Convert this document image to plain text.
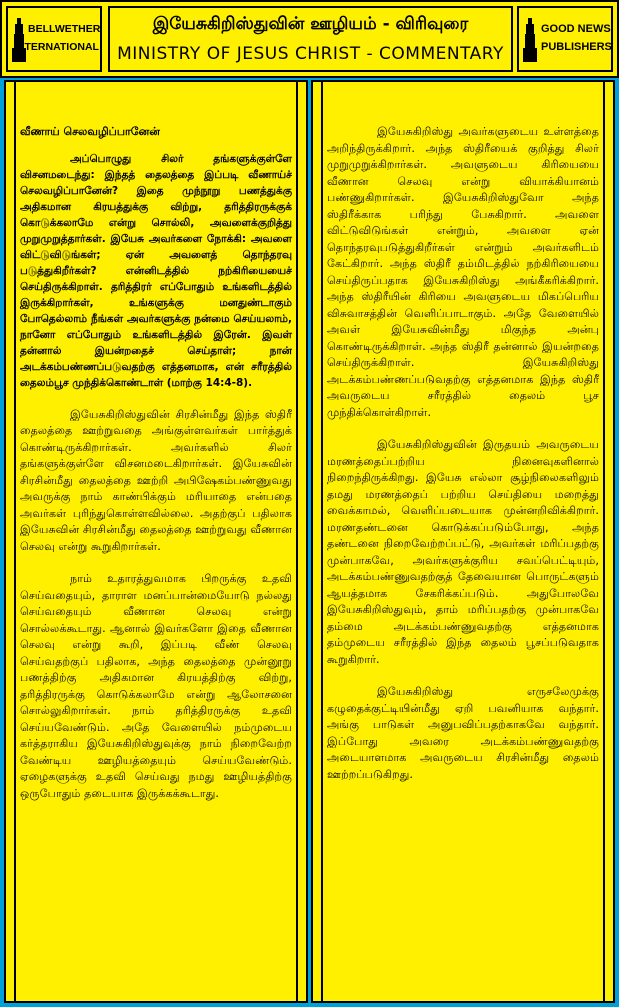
BELLWETHER
INTERNATIONAL
இயேசுகிறிஸ்துவின் ஊழியம் - விரிவுரை
MINISTRY OF JESUS CHRIST - COMMENTARY
GOOD NEWS
PUBLISHERS
வீணாய் செலவழிப்பானேன்
அப்பொழுது சிலர் தங்களுக்குள்ளே விசனமடைந்து: இந்தத் தைலத்தை இப்படி வீணாய்ச் செலவழிப்பானேன்? இதை முந்நூறு பணத்துக்கு அதிகமான கிரயத்துக்கு விற்று, தரித்திரருக்குக் கொடுக்கலாமே என்று சொல்லி, அவளைக்குறித்து முறுமுறுத்தார்கள். இயேசு அவர்களை நோக்கி: அவளை விட்டுவிடுங்கள்; ஏன் அவளைத் தொந்தரவு படுத்துகிறீர்கள்? என்னிடத்தில் நற்கிரியையைச் செய்திருக்கிறாள். தரித்திரர் எப்போதும் உங்களிடத்தில் இருக்கிறார்கள், உங்களுக்கு மனதுண்டாகும் போதெல்லாம் நீங்கள் அவர்களுக்கு நன்மை செய்யலாம், நானோ எப்போதும் உங்களிடத்தில் இரேன். இவள் தன்னால் இயன்றதைச் செய்தாள்; நான் அடக்கம்பண்ணப்படுவதற்கு எத்தனமாக, என் சரீரத்தில் தைலம்பூச முந்திக்கொண்டாள் (மாற்கு 14:4-8).
இயேசுகிறிஸ்துவின் சிரசின்மீது இந்த ஸ்திரீ தைலத்தை ஊற்றுவதை அங்குள்ளவர்கள் பார்த்துக் கொண்டிருக்கிறார்கள். அவர்களில் சிலர் தங்களுக்குள்ளே விசனமடைகிறார்கள். இயேசுவின் சிரசின்மீது தைலத்தை ஊற்றி அபிஷேகம்பண்ணுவது அவருக்கு நாம் காண்பிக்கும் மரியாதை என்பதை அவர்கள் புரிந்துகொள்ளவில்லை. அதற்குப் பதிலாக இயேசுவின் சிரசின்மீது தைலத்தை ஊற்றுவது வீணான செலவு என்று கூறுகிறார்கள்.
நாம் உதாரத்துவமாக பிறருக்கு உதவி செய்வதையும், தாராள மனப்பான்மையோடு நல்லது செய்வதையும் வீணான செலவு என்று சொல்லக்கூடாது. ஆனால் இவர்களோ இதை வீணான செலவு என்று கூறி, இப்படி வீண் செலவு செய்வதற்குப் பதிலாக, அந்த தைலத்தை முன்னூறு பணத்திற்கு அதிகமான கிரயத்திற்கு விற்று, தரித்திரருக்கு கொடுக்கலாமே என்று ஆலோசனை சொல்லுகிறார்கள். நாம் தரித்திரருக்கு உதவி செய்யவேண்டும். அதே வேளையில் நம்முடைய கர்த்தராகிய இயேசுகிறிஸ்துவுக்கு நாம் நிறைவேற்ற வேண்டிய ஊழியத்தையும் செய்யவேண்டும். ஏழைகளுக்கு உதவி செய்வது நமது ஊழியத்திற்கு ஒருபோதும் தடையாக இருக்கக்கூடாது.
இயேசுகிறிஸ்து அவர்களுடைய உள்ளத்தை அறிந்திருக்கிறார். அந்த ஸ்திரீயைக் குறித்து சிலர் முறுமுறுக்கிறார்கள். அவளுடைய கிரியையை வீணான செலவு என்று வியாக்கியானம் பண்ணுகிறார்கள். இயேசுகிறிஸ்துவோ அந்த ஸ்திரீக்காக பரிந்து பேசுகிறார். அவளை விட்டுவிடுங்கள் என்றும், அவளை ஏன் தொந்தரவுபடுத்துகிறீர்கள் என்றும் அவர்களிடம் கேட்கிறார். அந்த ஸ்திரீ தம்மிடத்தில் நற்கிரியையை செய்திருப்பதாக இயேசுகிறிஸ்து அங்கீகரிக்கிறார். அந்த ஸ்திரீயின் கிரியை அவளுடைய மிகப்பெரிய விசுவாசத்தின் வெளிப்பாடாகும். அதே வேளையில் அவள் இயேசுவின்மீது மிகுந்த அன்பு கொண்டிருக்கிறாள். அந்த ஸ்திரீ தன்னால் இயன்றதை செய்திருக்கிறாள். இயேசுகிறிஸ்து அடக்கம்பண்ணப்படுவதற்கு எத்தனமாக இந்த ஸ்திரீ அவருடைய சரீரத்தில் தைலம் பூச முந்திக்கொள்கிறாள்.
இயேசுகிறிஸ்துவின் இருதயம் அவருடைய மரணத்தைப்பற்றிய நினைவுகளினால் நிறைந்திருக்கிறது. இயேசு எல்லா சூழ்நிலைகளிலும் தமது மரணத்தைப் பற்றிய செய்தியை மறைத்து வைக்காமல், வெளிப்படையாக முன்னறிவிக்கிறார். மரணதண்டனை கொடுக்கப்படும்போது, அந்த தண்டனை நிறைவேற்றப்பட்டு, அவர்கள் மரிப்பதற்கு முன்பாகவே, அவர்களுக்குரிய சவப்பெட்டியும், அடக்கம்பண்ணுவதற்குத் தேவையான பொருட்களும் ஆயத்தமாக சேகரிக்கப்படும். அதுபோலவே இயேசுகிறிஸ்துவும், தாம் மரிப்பதற்கு முன்பாகவே தம்மை அடக்கம்பண்ணுவதற்கு எத்தனமாக தம்முடைய சரீரத்தில் இந்த தைலம் பூசப்படுவதாக கூறுகிறார்.
இயேசுகிறிஸ்து எருசலேமுக்கு கழுதைக்குட்டியின்மீது ஏறி பவனியாக வந்தார். அங்கு பாடுகள் அனுபவிப்பதற்காகவே வந்தார். இப்போது அவரை அடக்கம்பண்ணுவதற்கு அடையாளமாக அவருடைய சிரசின்மீது தைலம் ஊற்றப்படுகிறது.
